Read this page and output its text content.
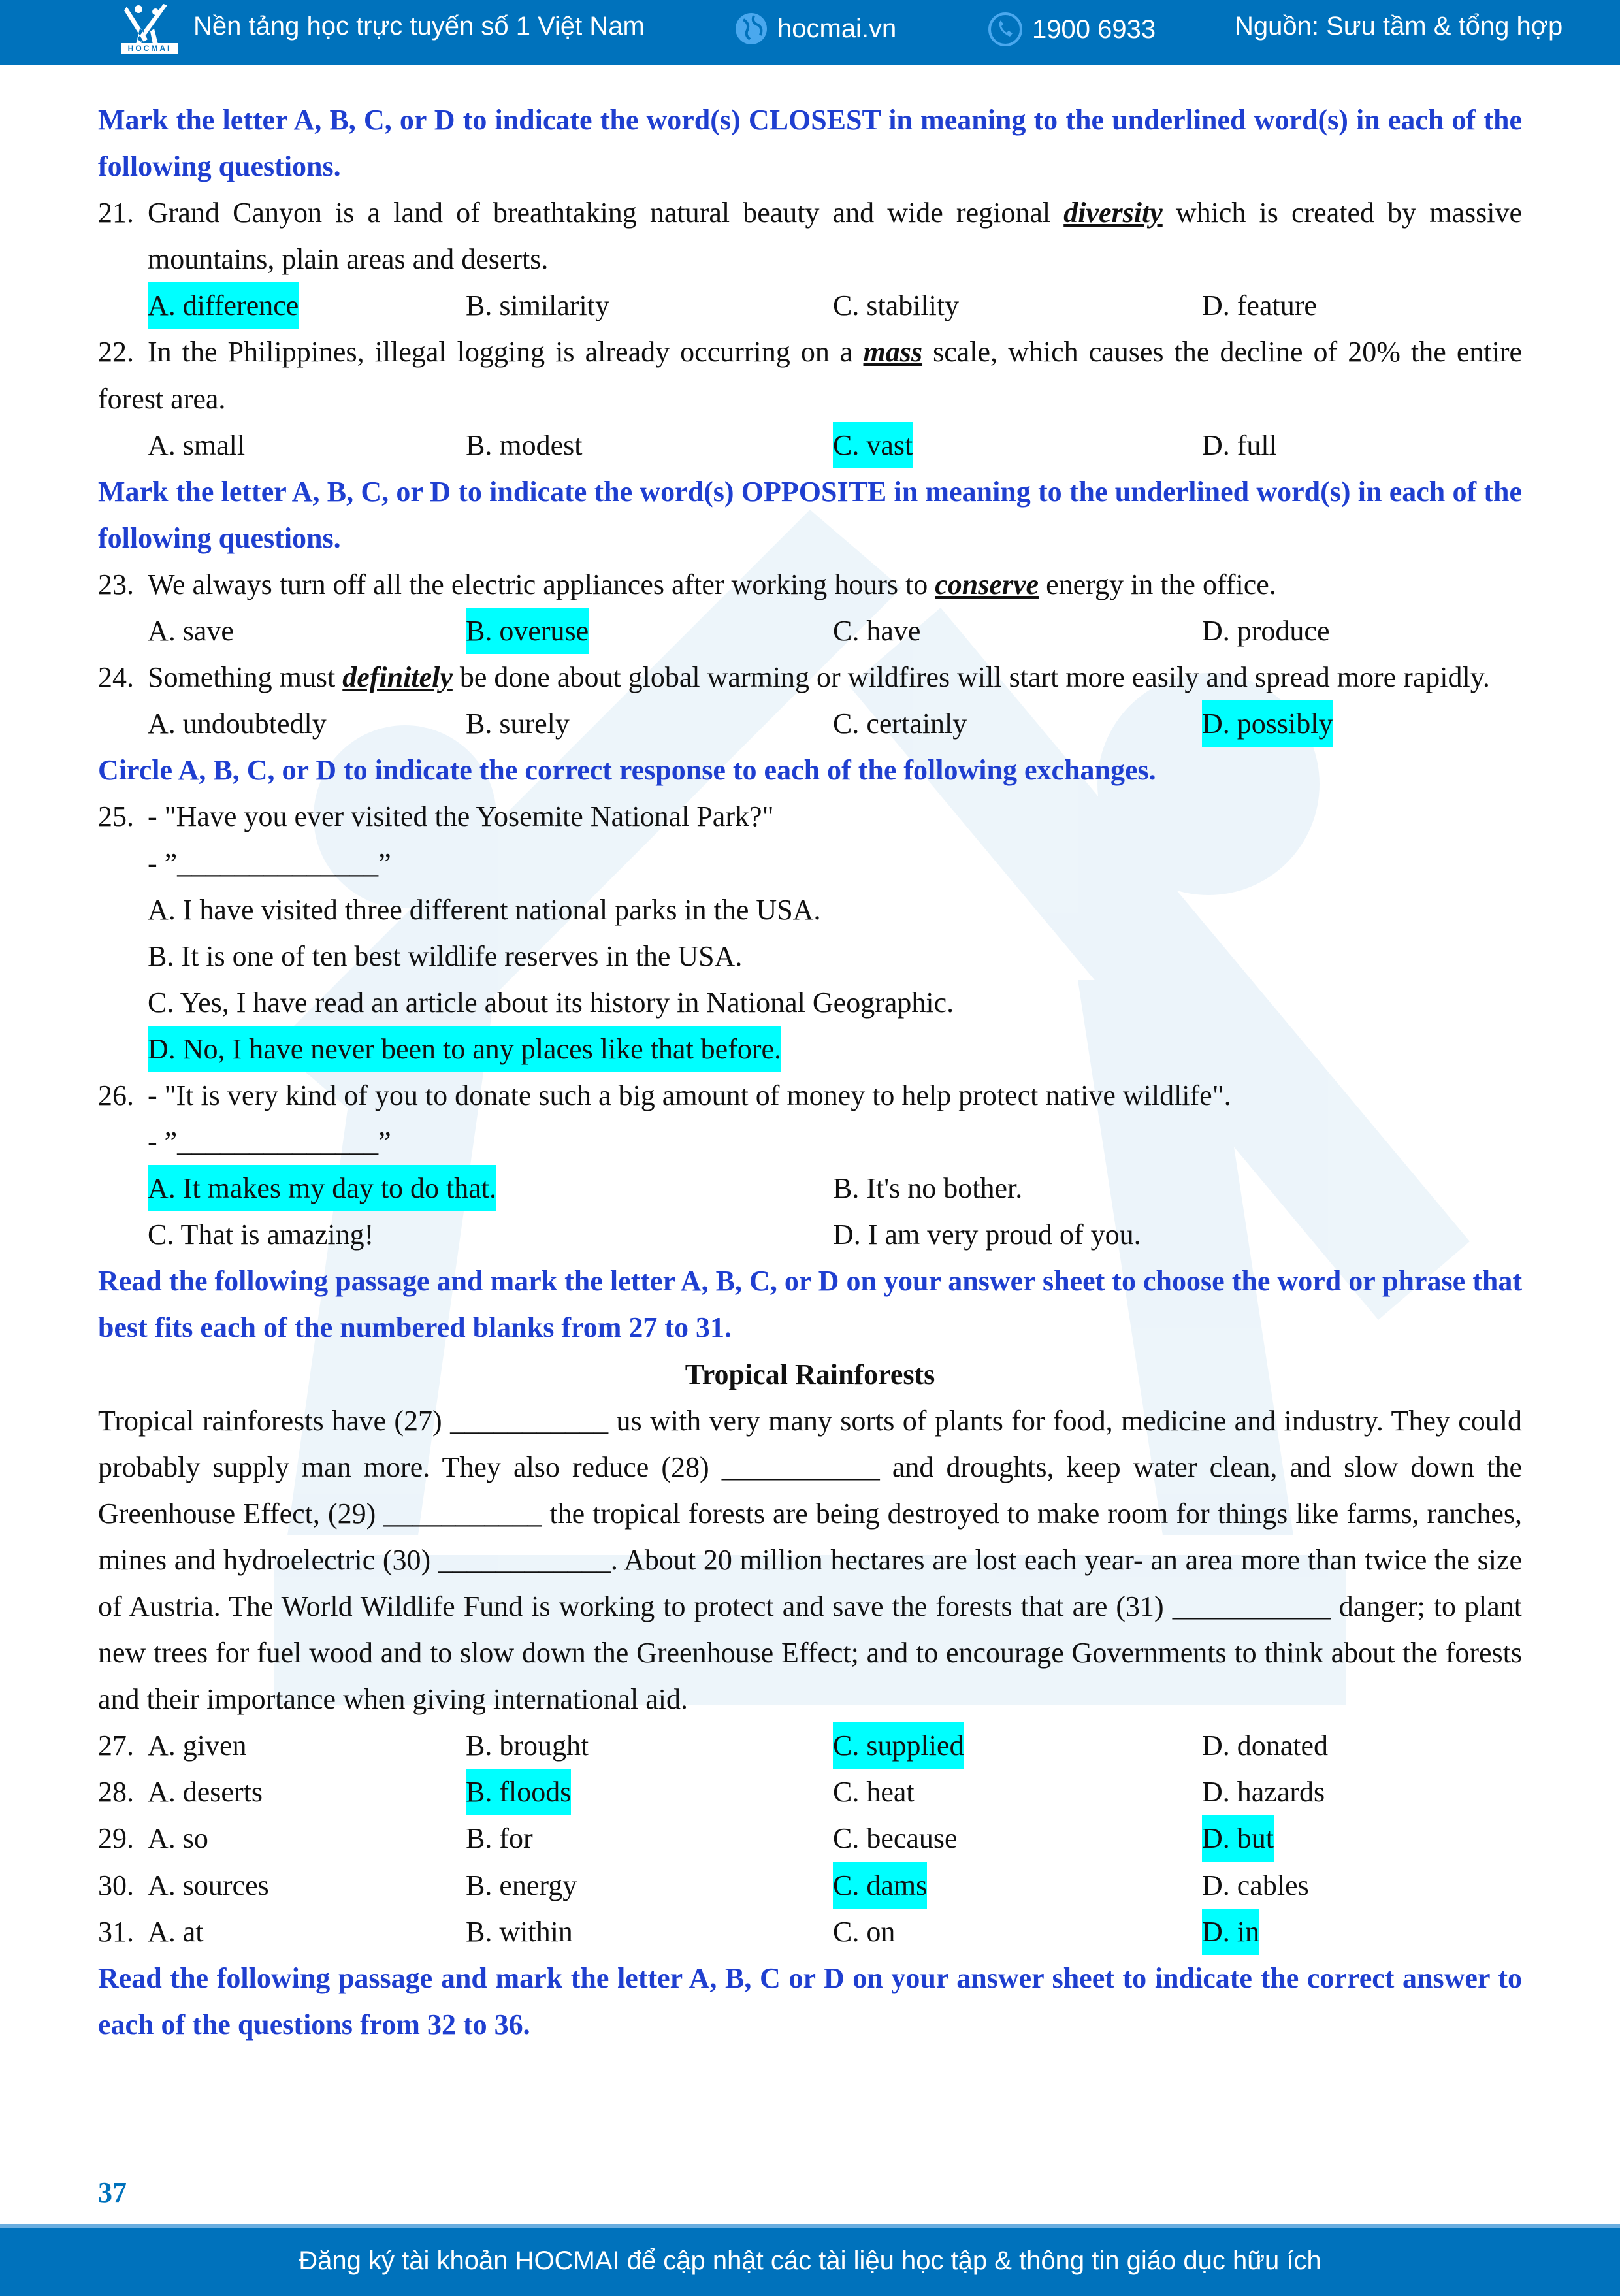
HOCMAI
Nền tảng học trực tuyến số 1 Việt Nam	hocmai.vn	1900 6933	Nguồn: Sưu tầm & tổng hợp
Mark the letter A, B, C, or D to indicate the word(s) CLOSEST in meaning to the underlined word(s) in each of the following questions.
21. Grand Canyon is a land of breathtaking natural beauty and wide regional diversity which is created by massive mountains, plain areas and deserts.
A. difference	B. similarity	C. stability	D. feature
22. In the Philippines, illegal logging is already occurring on a mass scale, which causes the decline of 20% the entire forest area.
A. small	B. modest	C. vast	D. full
Mark the letter A, B, C, or D to indicate the word(s) OPPOSITE in meaning to the underlined word(s) in each of the following questions.
23. We always turn off all the electric appliances after working hours to conserve energy in the office.
A. save	B. overuse	C. have	D. produce
24. Something must definitely be done about global warming or wildfires will start more easily and spread more rapidly.
A. undoubtedly	B. surely	C. certainly	D. possibly
Circle A, B, C, or D to indicate the correct response to each of the following exchanges.
25. - "Have you ever visited the Yosemite National Park?"
- ”______________”
A. I have visited three different national parks in the USA.
B. It is one of ten best wildlife reserves in the USA.
C. Yes, I have read an article about its history in National Geographic.
D. No, I have never been to any places like that before.
26. - "It is very kind of you to donate such a big amount of money to help protect native wildlife".
- ”______________”
A. It makes my day to do that.	B. It's no bother.
C. That is amazing!	D. I am very proud of you.
Read the following passage and mark the letter A, B, C, or D on your answer sheet to choose the word or phrase that best fits each of the numbered blanks from 27 to 31.
Tropical Rainforests
Tropical rainforests have (27) ___________ us with very many sorts of plants for food, medicine and industry. They could probably supply man more. They also reduce (28) ___________ and droughts, keep water clean, and slow down the Greenhouse Effect, (29) ___________ the tropical forests are being destroyed to make room for things like farms, ranches, mines and hydroelectric (30) ____________. About 20 million hectares are lost each year- an area more than twice the size of Austria. The World Wildlife Fund is working to protect and save the forests that are (31) ___________ danger; to plant new trees for fuel wood and to slow down the Greenhouse Effect; and to encourage Governments to think about the forests and their importance when giving international aid.
27. A. given	B. brought	C. supplied	D. donated
28. A. deserts	B. floods	C. heat	D. hazards
29. A. so	B. for	C. because	D. but
30. A. sources	B. energy	C. dams	D. cables
31. A. at	B. within	C. on	D. in
Read the following passage and mark the letter A, B, C or D on your answer sheet to indicate the correct answer to each of the questions from 32 to 36.
37
Đăng ký tài khoản HOCMAI để cập nhật các tài liệu học tập & thông tin giáo dục hữu ích
